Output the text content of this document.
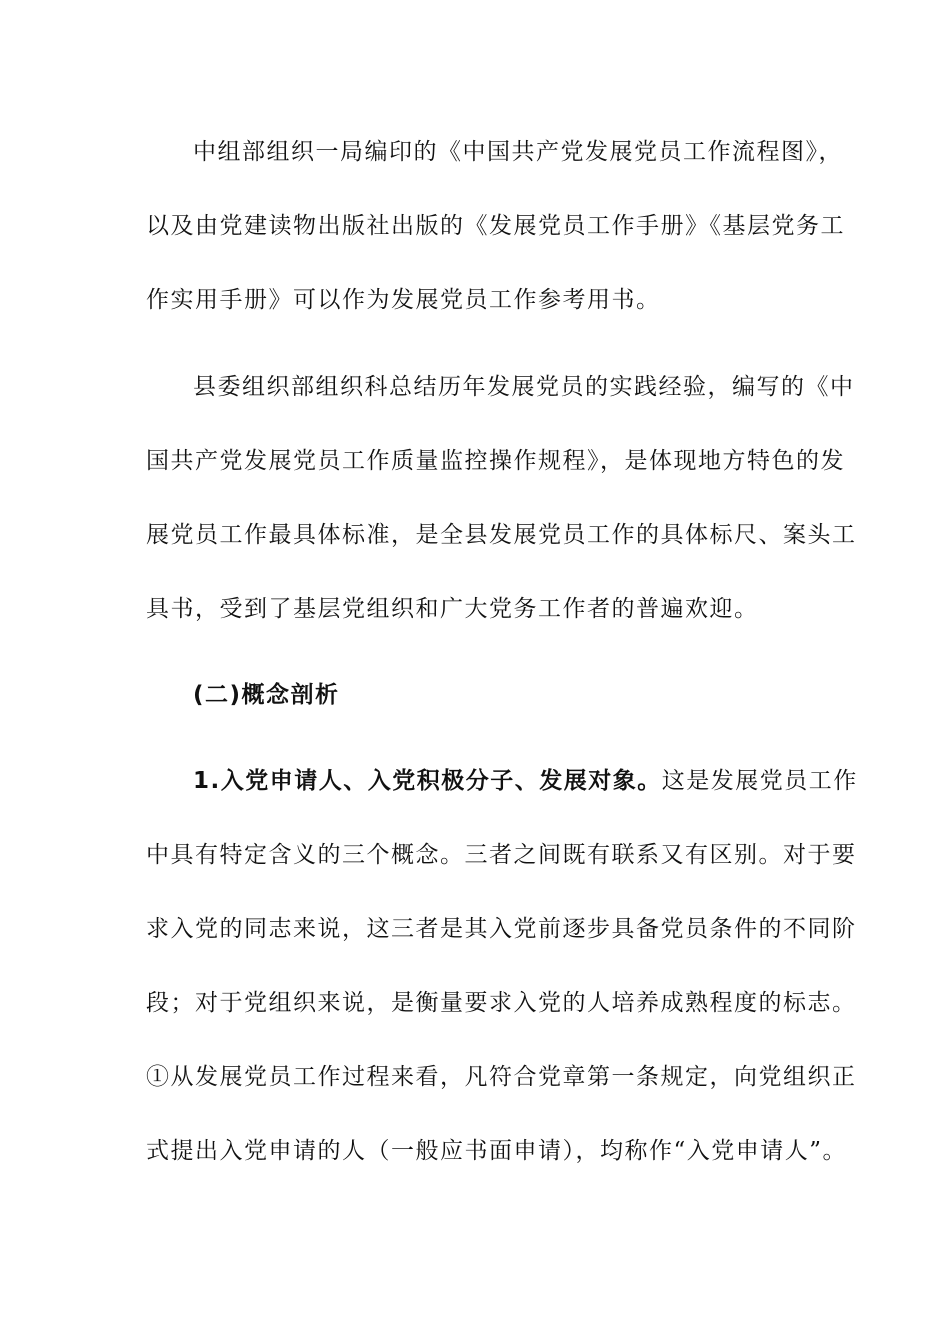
中组部组织一局编印的《中国共产党发展党员工作流程图》，
以及由党建读物出版社出版的《发展党员工作手册》《基层党务工
作实用手册》可以作为发展党员工作参考用书。
县委组织部组织科总结历年发展党员的实践经验，编写的《中
国共产党发展党员工作质量监控操作规程》，是体现地方特色的发
展党员工作最具体标准，是全县发展党员工作的具体标尺、案头工
具书，受到了基层党组织和广大党务工作者的普遍欢迎。
(二)概念剖析
1.入党申请人、入党积极分子、发展对象。这是发展党员工作
中具有特定含义的三个概念。三者之间既有联系又有区别。对于要
求入党的同志来说，这三者是其入党前逐步具备党员条件的不同阶
段；对于党组织来说，是衡量要求入党的人培养成熟程度的标志。
①从发展党员工作过程来看，凡符合党章第一条规定，向党组织正
式提出入党申请的人（一般应书面申请），均称作“入党申请人”。
